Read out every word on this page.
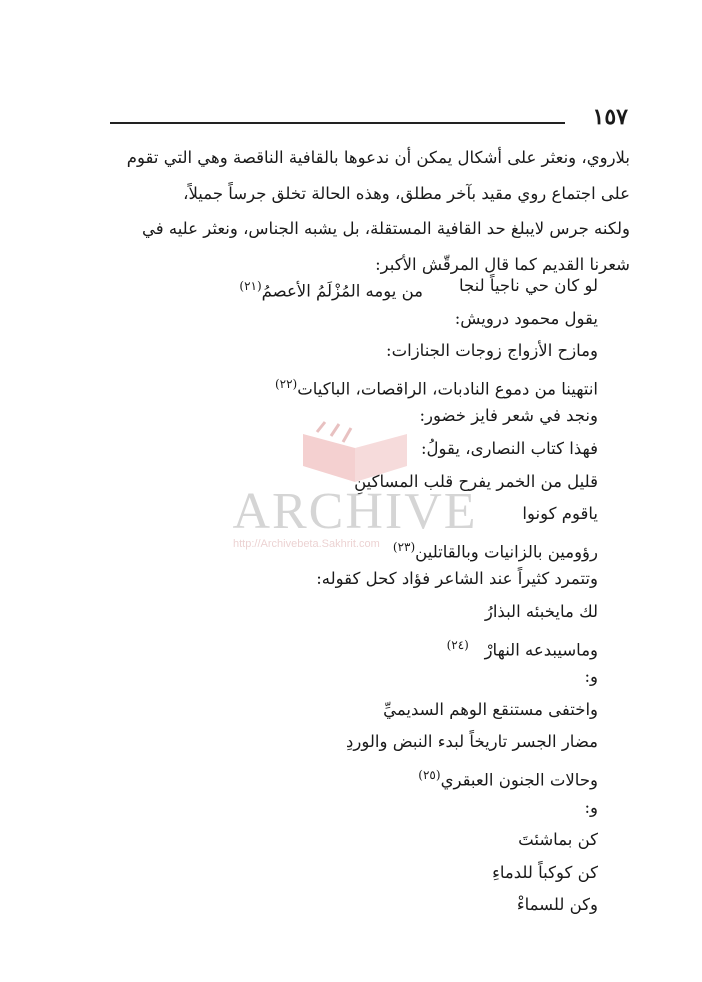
١٥٧
بلاروي، ونعثر على أشكال يمكن أن ندعوها بالقافية الناقصة وهي التي تقوم
على اجتماع روي مقيد بآخر مطلق، وهذه الحالة تخلق جرساً جميلاً،
ولكنه جرس لايبلغ حد القافية المستقلة، بل يشبه الجناس، ونعثر عليه في
شعرنا القديم كما قال المرقّش الأكبر:
لو كان حي ناجياً لنجا
من يومه المُزْلَمُ الأعصمُ$^{(٢١)}$
يقول محمود درويش:
ومازح الأزواج زوجات الجنازات:
انتهينا من دموع النادبات، الراقصات، الباكيات$^{(٢٢)}$
ونجد في شعر فايز خضور:
فهذا كتاب النصارى، يقولُ:
قليل من الخمر يفرح قلب المساكينِ
ياقوم كونوا
رؤومين بالزانيات وبالقاتلين$^{(٢٣)}$
وتتمرد كثيراً عند الشاعر فؤاد كحل كقوله:
لك مايخبئه البذارُ
وماسيبدعه النهارْ   $^{(٢٤)}$
و:
واختفى مستنقع الوهم السديميِّ
مضار الجسر تاريخاً لبدء النبض والوردِ
وحالات الجنون العبقري$^{(٢٥)}$
و:
كن بماشئتَ
كن كوكباً للدماءِ
وكن للسماءْ
ARCHIVE
http://Archivebeta.Sakhrit.com
